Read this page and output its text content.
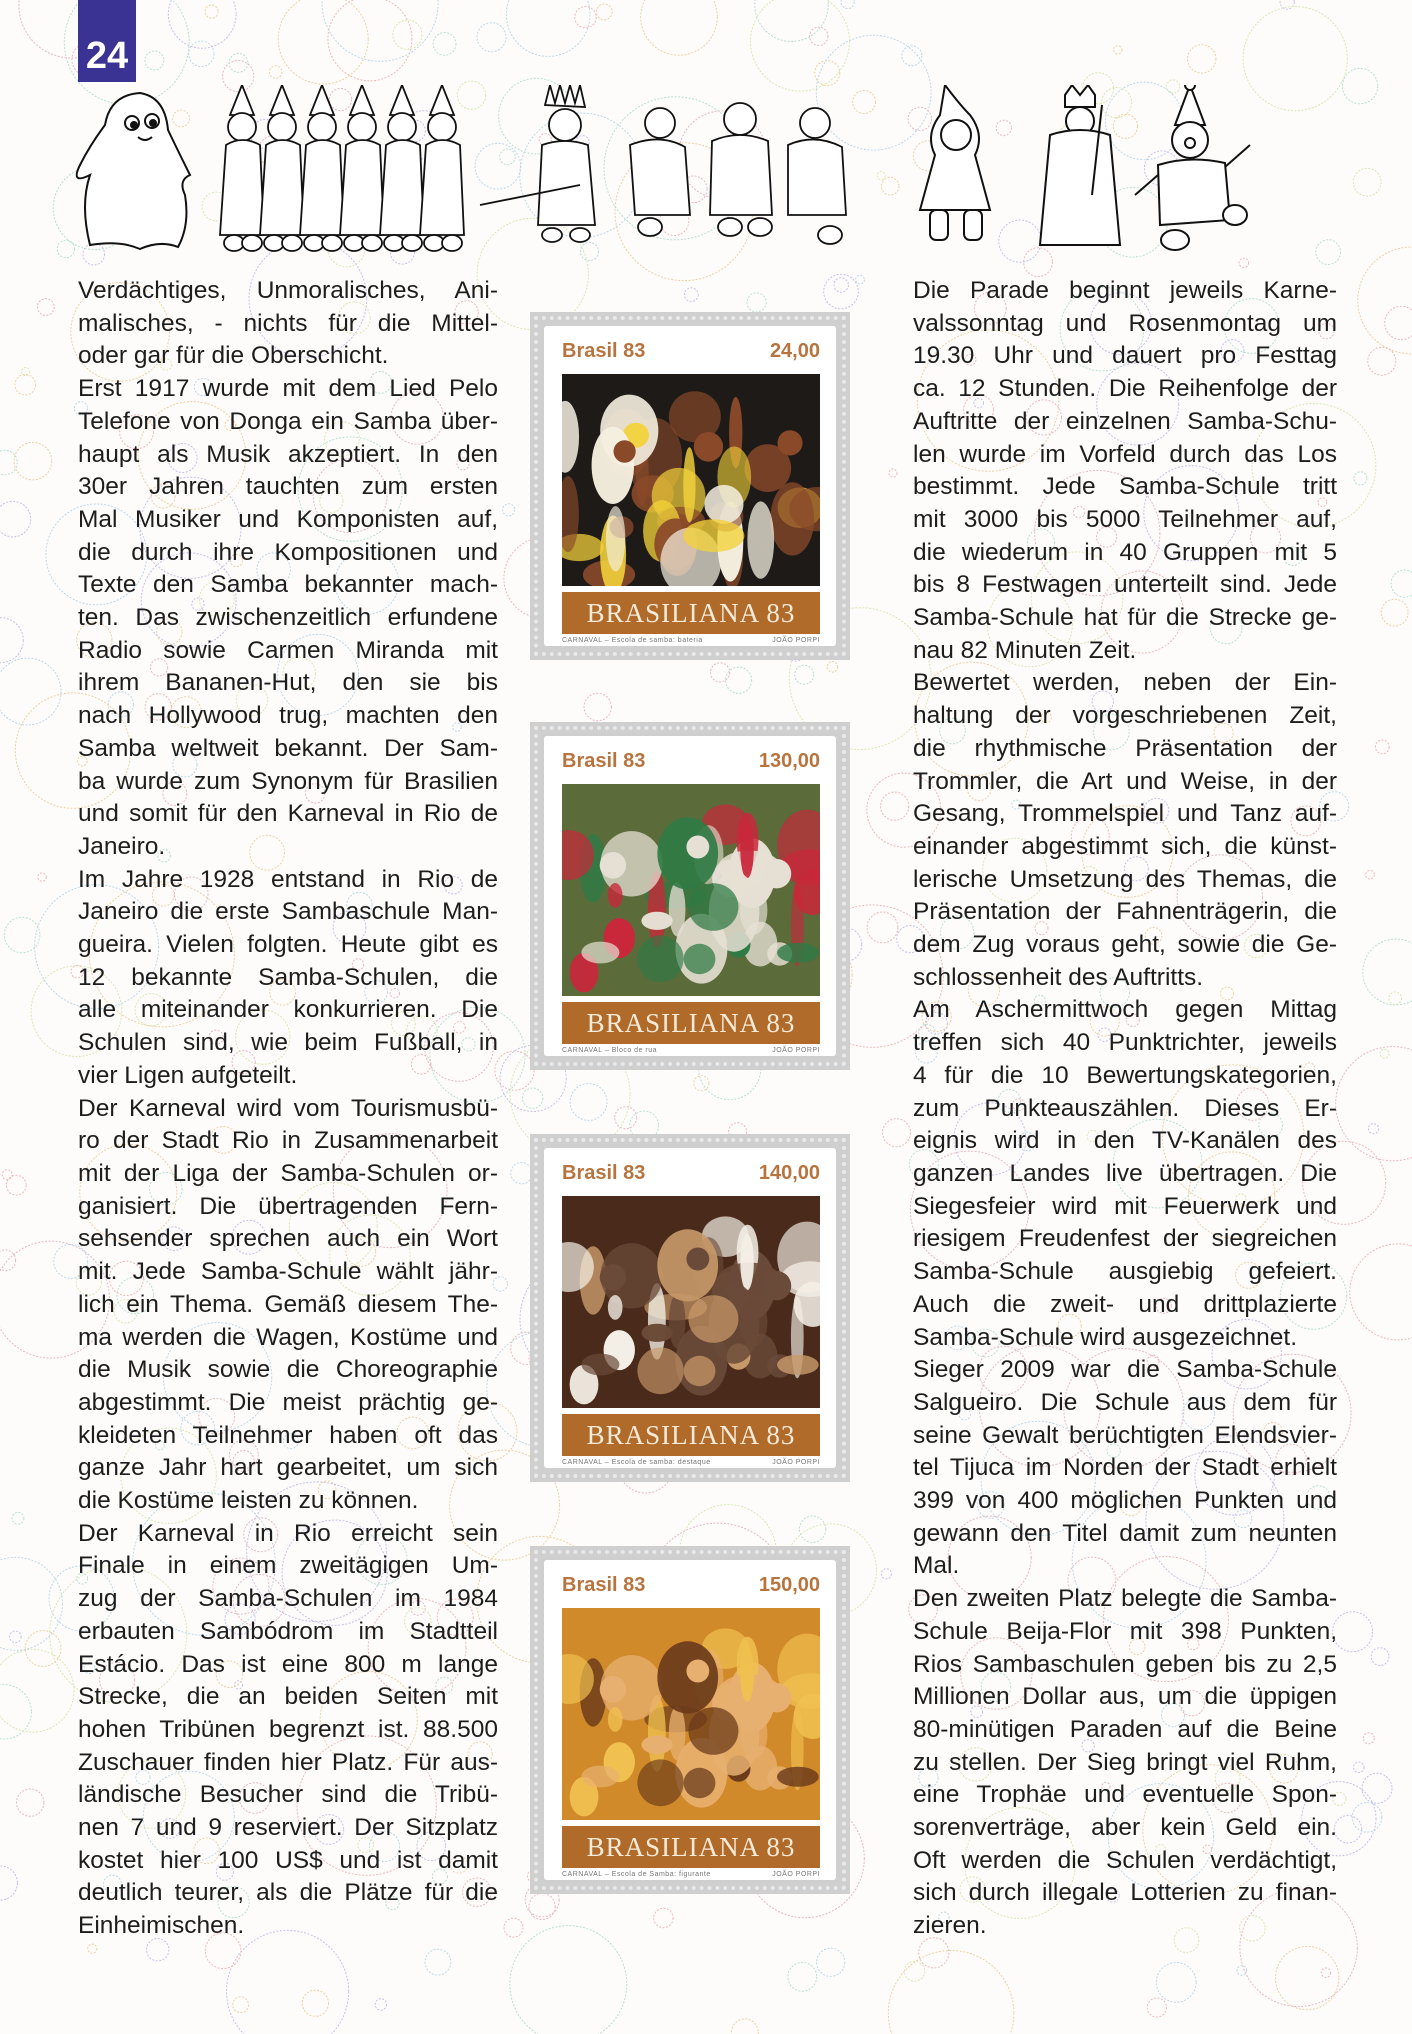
24

Verdächtiges, Unmoralisches, Ani-
malisches, - nichts für die Mittel-
oder gar für die Oberschicht.

Erst 1917 wurde mit dem Lied Pelo
Telefone von Donga ein Samba über-
haupt als Musik akzeptiert. In den
30er Jahren tauchten zum ersten
Mal Musiker und Komponisten auf,
die durch ihre Kompositionen und
Texte den Samba bekannter mach-
ten. Das zwischenzeitlich erfundene
Radio sowie Carmen Miranda mit
ihrem Bananen-Hut, den sie bis
nach Hollywood trug, machten den
Samba weltweit bekannt. Der Sam-
ba wurde zum Synonym für Brasilien
und somit für den Karneval in Rio de
Janeiro.

Im Jahre 1928 entstand in Rio de
Janeiro die erste Sambaschule Man-
gueira. Vielen folgten. Heute gibt es
12 bekannte Samba-Schulen, die
alle miteinander konkurrieren. Die
Schulen sind, wie beim Fußball, in
vier Ligen aufgeteilt.

Der Karneval wird vom Tourismusbü-
ro der Stadt Rio in Zusammenarbeit
mit der Liga der Samba-Schulen or-
ganisiert. Die übertragenden Fern-
sehsender sprechen auch ein Wort
mit. Jede Samba-Schule wählt jähr-
lich ein Thema. Gemäß diesem The-
ma werden die Wagen, Kostüme und
die Musik sowie die Choreographie
abgestimmt. Die meist prächtig ge-
kleideten Teilnehmer haben oft das
ganze Jahr hart gearbeitet, um sich
die Kostüme leisten zu können.

Der Karneval in Rio erreicht sein
Finale in einem zweitägigen Um-
zug der Samba-Schulen im 1984
erbauten Sambódrom im Stadtteil
Estácio. Das ist eine 800 m lange
Strecke, die an beiden Seiten mit
hohen Tribünen begrenzt ist. 88.500
Zuschauer finden hier Platz. Für aus-
ländische Besucher sind die Tribü-
nen 7 und 9 reserviert. Der Sitzplatz
kostet hier 100 US$ und ist damit
deutlich teurer, als die Plätze für die
Einheimischen.

Brasil 83	24,00
BRASILIANA 83
CARNAVAL – Escola de samba: bateria	JOÃO PORPI
Brasil 83	130,00
BRASILIANA 83
CARNAVAL – Bloco de rua	JOÃO PORPI
Brasil 83	140,00
BRASILIANA 83
CARNAVAL – Escola de samba: destaque	JOÃO PORPI
Brasil 83	150,00
BRASILIANA 83
CARNAVAL – Escola de Samba: figurante	JOÃO PORPI

Die Parade beginnt jeweils Karne-
valssonntag und Rosenmontag um
19.30 Uhr und dauert pro Festtag
ca. 12 Stunden. Die Reihenfolge der
Auftritte der einzelnen Samba-Schu-
len wurde im Vorfeld durch das Los
bestimmt. Jede Samba-Schule tritt
mit 3000 bis 5000 Teilnehmer auf,
die wiederum in 40 Gruppen mit 5
bis 8 Festwagen unterteilt sind. Jede
Samba-Schule hat für die Strecke ge-
nau 82 Minuten Zeit.

Bewertet werden, neben der Ein-
haltung der vorgeschriebenen Zeit,
die rhythmische Präsentation der
Trommler, die Art und Weise, in der
Gesang, Trommelspiel und Tanz auf-
einander abgestimmt sich, die künst-
lerische Umsetzung des Themas, die
Präsentation der Fahnenträgerin, die
dem Zug voraus geht, sowie die Ge-
schlossenheit des Auftritts.

Am Aschermittwoch gegen Mittag
treffen sich 40 Punktrichter, jeweils
4 für die 10 Bewertungskategorien,
zum Punkteauszählen. Dieses Er-
eignis wird in den TV-Kanälen des
ganzen Landes live übertragen. Die
Siegesfeier wird mit Feuerwerk und
riesigem Freudenfest der siegreichen
Samba-Schule ausgiebig gefeiert.
Auch die zweit- und drittplazierte
Samba-Schule wird ausgezeichnet.

Sieger 2009 war die Samba-Schule
Salgueiro. Die Schule aus dem für
seine Gewalt berüchtigten Elendsvier-
tel Tijuca im Norden der Stadt erhielt
399 von 400 möglichen Punkten und
gewann den Titel damit zum neunten
Mal.

Den zweiten Platz belegte die Samba-
Schule Beija-Flor mit 398 Punkten,
Rios Sambaschulen geben bis zu 2,5
Millionen Dollar aus, um die üppigen
80-minütigen Paraden auf die Beine
zu stellen. Der Sieg bringt viel Ruhm,
eine Trophäe und eventuelle Spon-
sorenverträge, aber kein Geld ein.
Oft werden die Schulen verdächtigt,
sich durch illegale Lotterien zu finan-
zieren.
